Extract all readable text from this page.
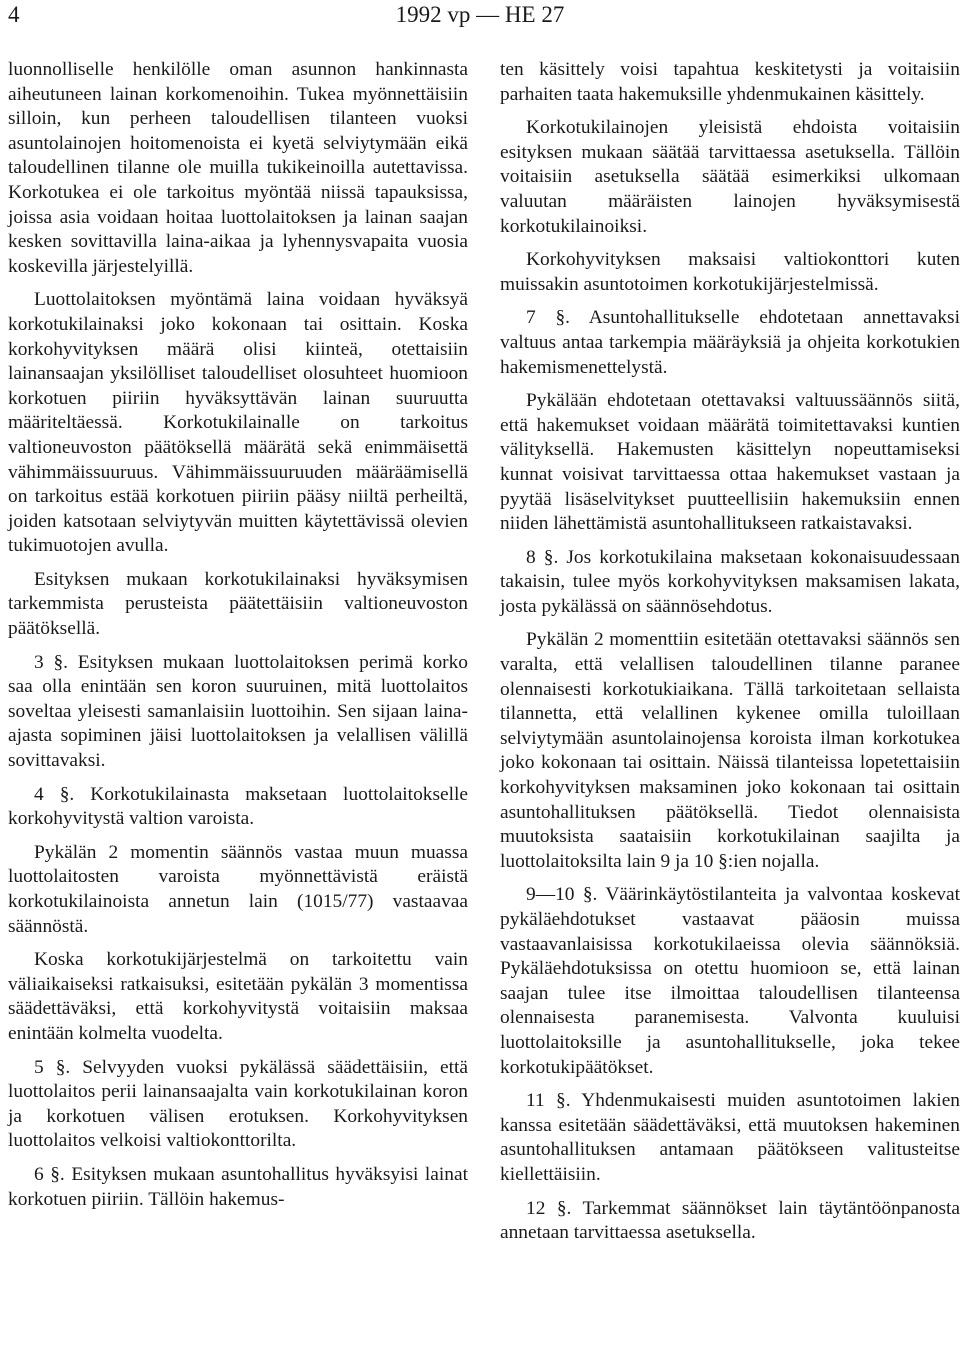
4	1992 vp — HE 27

luonnolliselle henkilölle oman asunnon hankinnasta aiheutuneen lainan korkomenoihin. Tukea myönnettäisiin silloin, kun perheen taloudellisen tilanteen vuoksi asuntolainojen hoitomenoista ei kyetä selviytymään eikä taloudellinen tilanne ole muilla tukikeinoilla autettavissa. Korkotukea ei ole tarkoitus myöntää niissä tapauksissa, joissa asia voidaan hoitaa luottolaitoksen ja lainan saajan kesken sovittavilla laina-aikaa ja lyhennysvapaita vuosia koskevilla järjestelyillä.

Luottolaitoksen myöntämä laina voidaan hyväksyä korkotukilainaksi joko kokonaan tai osittain. Koska korkohyvityksen määrä olisi kiinteä, otettaisiin lainansaajan yksilölliset taloudelliset olosuhteet huomioon korkotuen piiriin hyväksyttävän lainan suuruutta määriteltäessä. Korkotukilainalle on tarkoitus valtioneuvoston päätöksellä määrätä sekä enimmäisettä vähimmäissuuruus. Vähimmäissuuruuden määräämisellä on tarkoitus estää korkotuen piiriin pääsy niiltä perheiltä, joiden katsotaan selviytyvän muitten käytettävissä olevien tukimuotojen avulla.

Esityksen mukaan korkotukilainaksi hyväksymisen tarkemmista perusteista päätettäisiin valtioneuvoston päätöksellä.

3 §. Esityksen mukaan luottolaitoksen perimä korko saa olla enintään sen koron suuruinen, mitä luottolaitos soveltaa yleisesti samanlaisiin luottoihin. Sen sijaan laina-ajasta sopiminen jäisi luottolaitoksen ja velallisen välillä sovittavaksi.

4 §. Korkotukilainasta maksetaan luottolaitokselle korkohyvitystä valtion varoista.

Pykälän 2 momentin säännös vastaa muun muassa luottolaitosten varoista myönnettävistä eräistä korkotukilainoista annetun lain (1015/77) vastaavaa säännöstä.

Koska korkotukijärjestelmä on tarkoitettu vain väliaikaiseksi ratkaisuksi, esitetään pykälän 3 momentissa säädettäväksi, että korkohyvitystä voitaisiin maksaa enintään kolmelta vuodelta.

5 §. Selvyyden vuoksi pykälässä säädettäisiin, että luottolaitos perii lainansaajalta vain korkotukilainan koron ja korkotuen välisen erotuksen. Korkohyvityksen luottolaitos velkoisi valtiokonttorilta.

6 §. Esityksen mukaan asuntohallitus hyväksyisi lainat korkotuen piiriin. Tällöin hakemus-

ten käsittely voisi tapahtua keskitetysti ja voitaisiin parhaiten taata hakemuksille yhdenmukainen käsittely.

Korkotukilainojen yleisistä ehdoista voitaisiin esityksen mukaan säätää tarvittaessa asetuksella. Tällöin voitaisiin asetuksella säätää esimerkiksi ulkomaan valuutan määräisten lainojen hyväksymisestä korkotukilainoiksi.

Korkohyvityksen maksaisi valtiokonttori kuten muissakin asuntotoimen korkotukijärjestelmissä.

7 §. Asuntohallitukselle ehdotetaan annettavaksi valtuus antaa tarkempia määräyksiä ja ohjeita korkotukien hakemismenettelystä.

Pykälään ehdotetaan otettavaksi valtuussäännös siitä, että hakemukset voidaan määrätä toimitettavaksi kuntien välityksellä. Hakemusten käsittelyn nopeuttamiseksi kunnat voisivat tarvittaessa ottaa hakemukset vastaan ja pyytää lisäselvitykset puutteellisiin hakemuksiin ennen niiden lähettämistä asuntohallitukseen ratkaistavaksi.

8 §. Jos korkotukilaina maksetaan kokonaisuudessaan takaisin, tulee myös korkohyvityksen maksamisen lakata, josta pykälässä on säännösehdotus.

Pykälän 2 momenttiin esitetään otettavaksi säännös sen varalta, että velallisen taloudellinen tilanne paranee olennaisesti korkotukiaikana. Tällä tarkoitetaan sellaista tilannetta, että velallinen kykenee omilla tuloillaan selviytymään asuntolainojensa koroista ilman korkotukea joko kokonaan tai osittain. Näissä tilanteissa lopetettaisiin korkohyvityksen maksaminen joko kokonaan tai osittain asuntohallituksen päätöksellä. Tiedot olennaisista muutoksista saataisiin korkotukilainan saajilta ja luottolaitoksilta lain 9 ja 10 §:ien nojalla.

9—10 §. Väärinkäytöstilanteita ja valvontaa koskevat pykäläehdotukset vastaavat pääosin muissa vastaavanlaisissa korkotukilaeissa olevia säännöksiä. Pykäläehdotuksissa on otettu huomioon se, että lainan saajan tulee itse ilmoittaa taloudellisen tilanteensa olennaisesta paranemisesta. Valvonta kuuluisi luottolaitoksille ja asuntohallitukselle, joka tekee korkotukipäätökset.

11 §. Yhdenmukaisesti muiden asuntotoimen lakien kanssa esitetään säädettäväksi, että muutoksen hakeminen asuntohallituksen antamaan päätökseen valitusteitse kiellettäisiin.

12 §. Tarkemmat säännökset lain täytäntöönpanosta annetaan tarvittaessa asetuksella.
